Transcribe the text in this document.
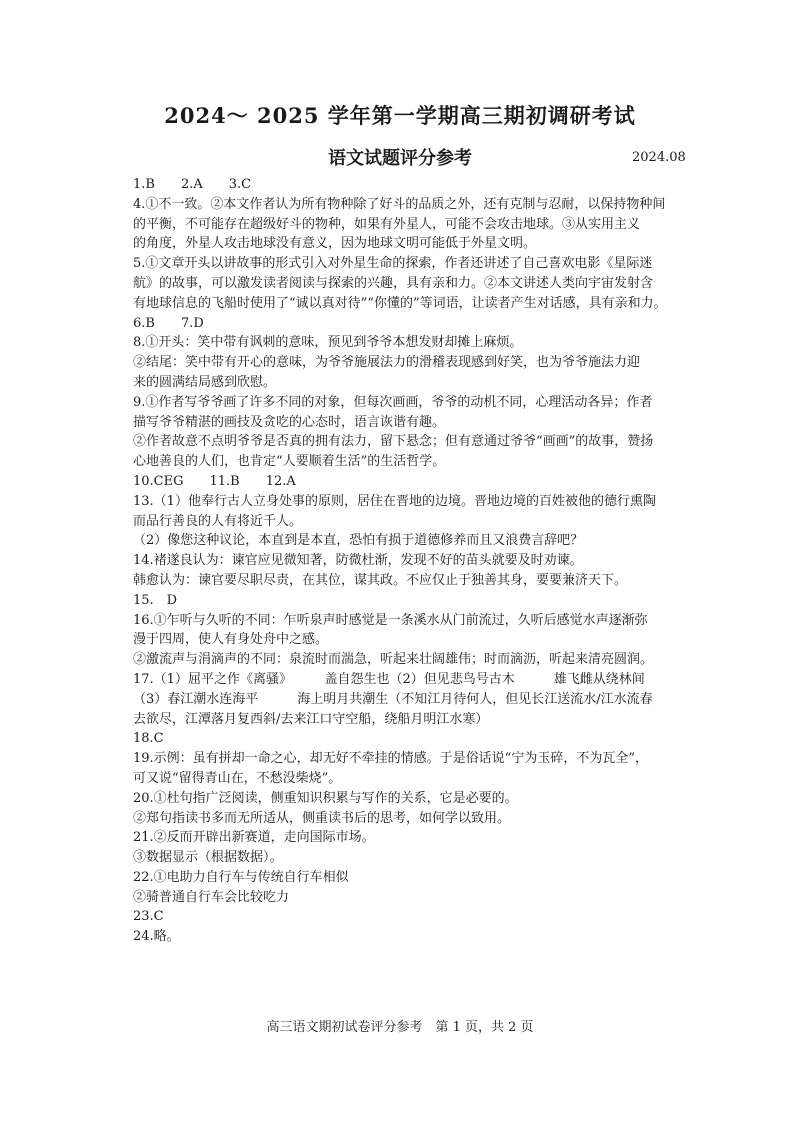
2024～ 2025 学年第一学期高三期初调研考试
语文试题评分参考	2024.08
1.B　　2.A　　3.C
4.①不一致。②本文作者认为所有物种除了好斗的品质之外，还有克制与忍耐，以保持物种间
的平衡，不可能存在超级好斗的物种，如果有外星人，可能不会攻击地球。③从实用主义
的角度，外星人攻击地球没有意义，因为地球文明可能低于外星文明。
5.①文章开头以讲故事的形式引入对外星生命的探索，作者还讲述了自己喜欢电影《星际迷
航》的故事，可以激发读者阅读与探索的兴趣，具有亲和力。②本文讲述人类向宇宙发射含
有地球信息的飞船时使用了“诚以真对待”“你懂的”等词语，让读者产生对话感，具有亲和力。
6.B　　7.D
8.①开头：笑中带有讽刺的意味，预见到爷爷本想发财却摊上麻烦。
②结尾：笑中带有开心的意味，为爷爷施展法力的滑稽表现感到好笑，也为爷爷施法力迎
来的圆满结局感到欣慰。
9.①作者写爷爷画了许多不同的对象，但每次画画，爷爷的动机不同，心理活动各异；作者
描写爷爷精湛的画技及贪吃的心态时，语言诙谐有趣。
②作者故意不点明爷爷是否真的拥有法力，留下悬念；但有意通过爷爷“画画”的故事，赞扬
心地善良的人们，也肯定“人要顺着生活”的生活哲学。
10.CEG　　11.B　　12.A
13.（1）他奉行古人立身处事的原则，居住在晋地的边境。晋地边境的百姓被他的德行熏陶
而品行善良的人有将近千人。
（2）像您这种议论，本直到是本直，恐怕有损于道德修养而且又浪费言辞吧？
14.褚遂良认为：谏官应见微知著，防微杜渐，发现不好的苗头就要及时劝谏。
韩愈认为：谏官要尽职尽责，在其位，谋其政。不应仅止于独善其身，要要兼济天下。
15.　D
16.①乍听与久听的不同：乍听泉声时感觉是一条溪水从门前流过，久听后感觉水声逐渐弥
漫于四周，使人有身处舟中之感。
②激流声与涓滴声的不同：泉流时而湍急，听起来壮阔雄伟；时而滴沥，听起来清亮圆润。
17.（1）屈平之作《离骚》　　　盖自怨生也（2）但见悲鸟号古木　　　雄飞雌从绕林间
（3）春江潮水连海平　　　海上明月共潮生（不知江月待何人，但见长江送流水/江水流春
去欲尽，江潭落月复西斜/去来江口守空船，绕船月明江水寒）
18.C
19.示例：虽有拼却一命之心，却无好不牵挂的情感。于是俗话说“宁为玉碎，不为瓦全”，
可又说“留得青山在，不愁没柴烧”。
20.①杜句指广泛阅读，侧重知识积累与写作的关系，它是必要的。
②郑句指读书多而无所适从，侧重读书后的思考，如何学以致用。
21.②反而开辟出新赛道，走向国际市场。
③数据显示（根据数据）。
22.①电助力自行车与传统自行车相似
②骑普通自行车会比较吃力
23.C
24.略。
高三语文期初试卷评分参考　第 1 页，共 2 页
